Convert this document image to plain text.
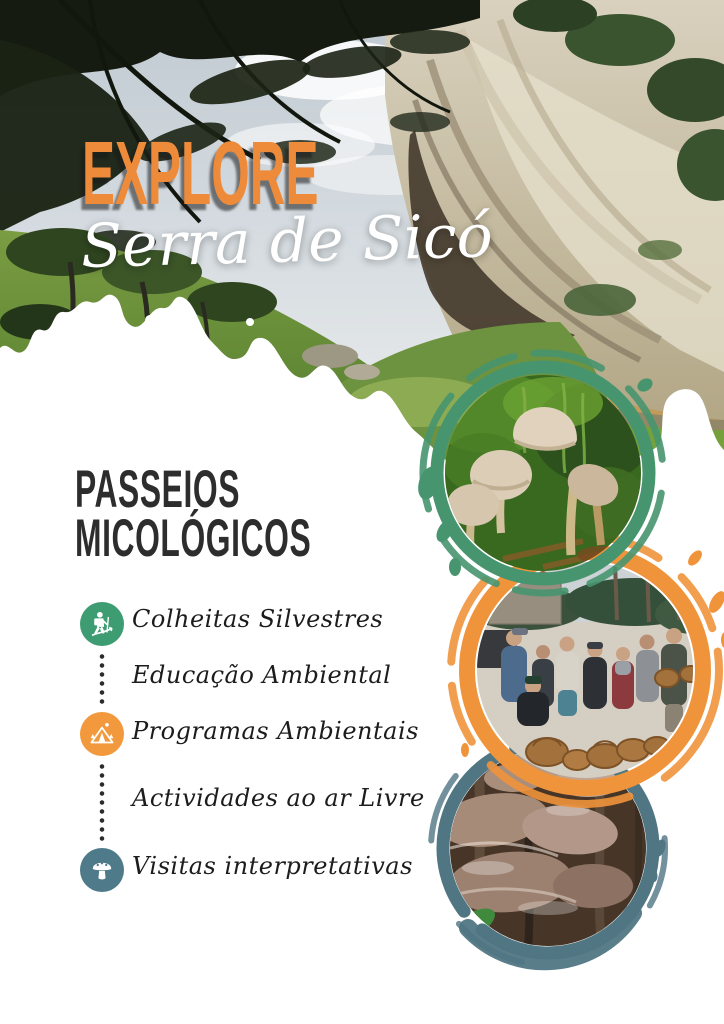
EXPLORE
Serra de Sicó
PASSEIOS
MICOLÓGICOS
Colheitas Silvestres
Educação Ambiental
Programas Ambientais
Actividades ao ar Livre
Visitas interpretativas
